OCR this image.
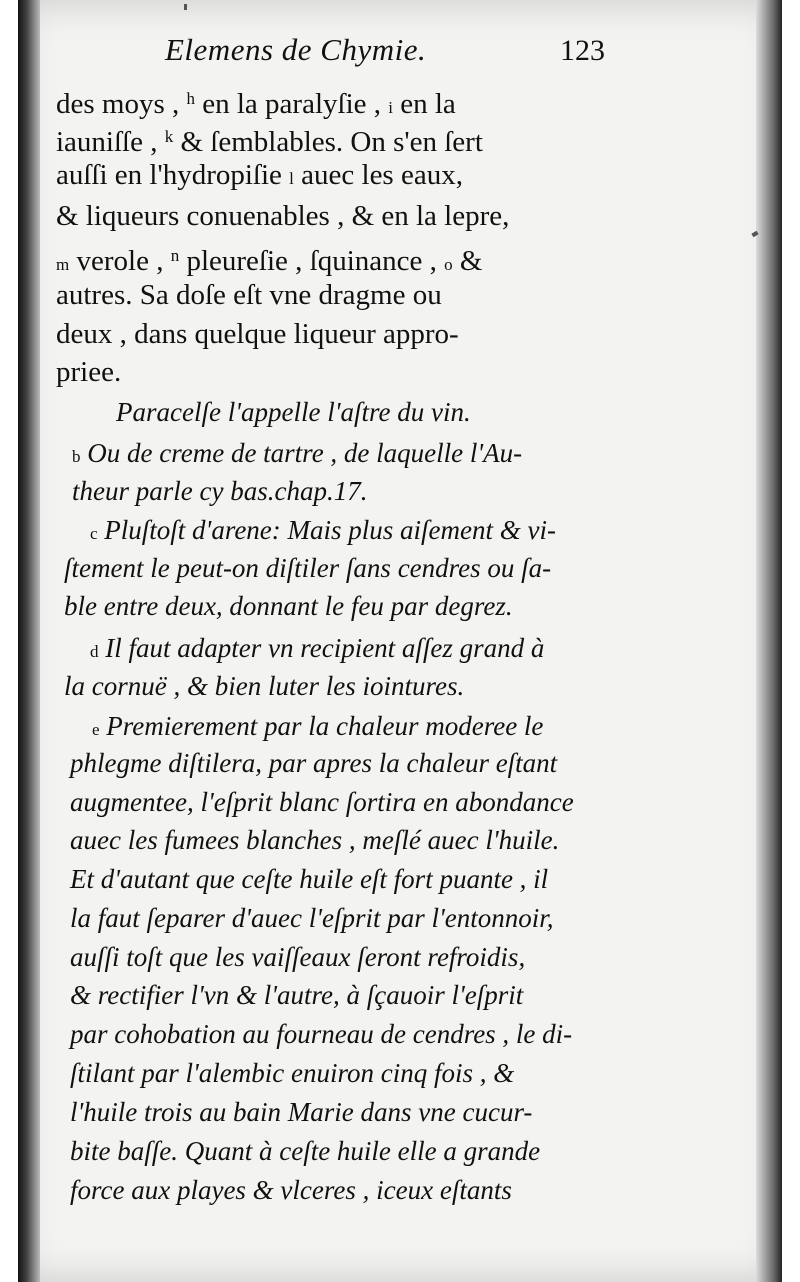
Elemens de Chymie.	123
des moys , $^h$ en la paralyſie , i en la
iauniſſe , $^k$ & ſemblables. On s'en ſert
auſſi en l'hydropiſie l auec les eaux,
& liqueurs conuenables , & en la lepre,
m verole , $^n$ pleureſie , ſquinance , o &
autres. Sa doſe eſt vne dragme ou
deux , dans quelque liqueur appro-
priee.
Paracelſe l'appelle l'aſtre du vin.
b Ou de creme de tartre , de laquelle l'Au-
theur parle cy bas.chap.17.
c Pluſtoſt d'arene: Mais plus aiſement & vi-
ſtement le peut-on diſtiler ſans cendres ou ſa-
ble entre deux, donnant le feu par degrez.
d Il faut adapter vn recipient aſſez grand à
la cornuë , & bien luter les iointures.
e Premierement par la chaleur moderee le
phlegme diſtilera, par apres la chaleur eſtant
augmentee, l'eſprit blanc ſortira en abondance
auec les fumees blanches , meſlé auec l'huile.
Et d'autant que ceſte huile eſt fort puante , il
la faut ſeparer d'auec l'eſprit par l'entonnoir,
auſſi toſt que les vaiſſeaux ſeront refroidis,
& rectifier l'vn & l'autre, à ſçauoir l'eſprit
par cohobation au fourneau de cendres , le di-
ſtilant par l'alembic enuiron cinq fois , &
l'huile trois au bain Marie dans vne cucur-
bite baſſe. Quant à ceſte huile elle a grande
force aux playes & vlceres , iceux eſtants
